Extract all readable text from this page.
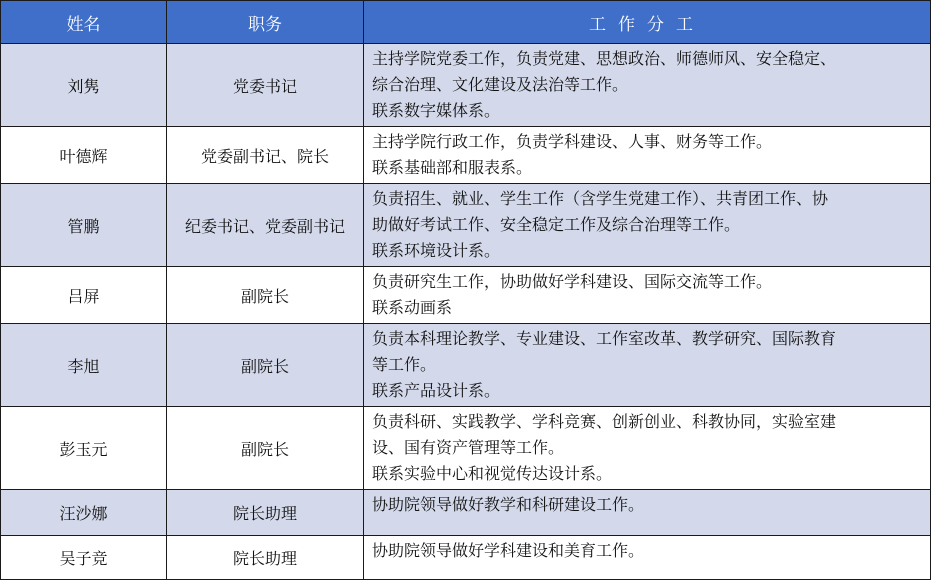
姓名	职务	工作分工
刘隽	党委书记	主持学院党委工作，负责党建、思想政治、师德师风、安全稳定、
综合治理、文化建设及法治等工作。
联系数字媒体系。

叶德辉	党委副书记、院长	主持学院行政工作，负责学科建设、人事、财务等工作。
联系基础部和服表系。

管鹏	纪委书记、党委副书记	负责招生、就业、学生工作（含学生党建工作）、共青团工作、协
助做好考试工作、安全稳定工作及综合治理等工作。
联系环境设计系。

吕屏	副院长	负责研究生工作，协助做好学科建设、国际交流等工作。
联系动画系

李旭	副院长	负责本科理论教学、专业建设、工作室改革、教学研究、国际教育
等工作。
联系产品设计系。

彭玉元	副院长	负责科研、实践教学、学科竞赛、创新创业、科教协同，实验室建
设、国有资产管理等工作。
联系实验中心和视觉传达设计系。

汪沙娜	院长助理	协助院领导做好教学和科研建设工作。

吴子竞	院长助理	协助院领导做好学科建设和美育工作。
